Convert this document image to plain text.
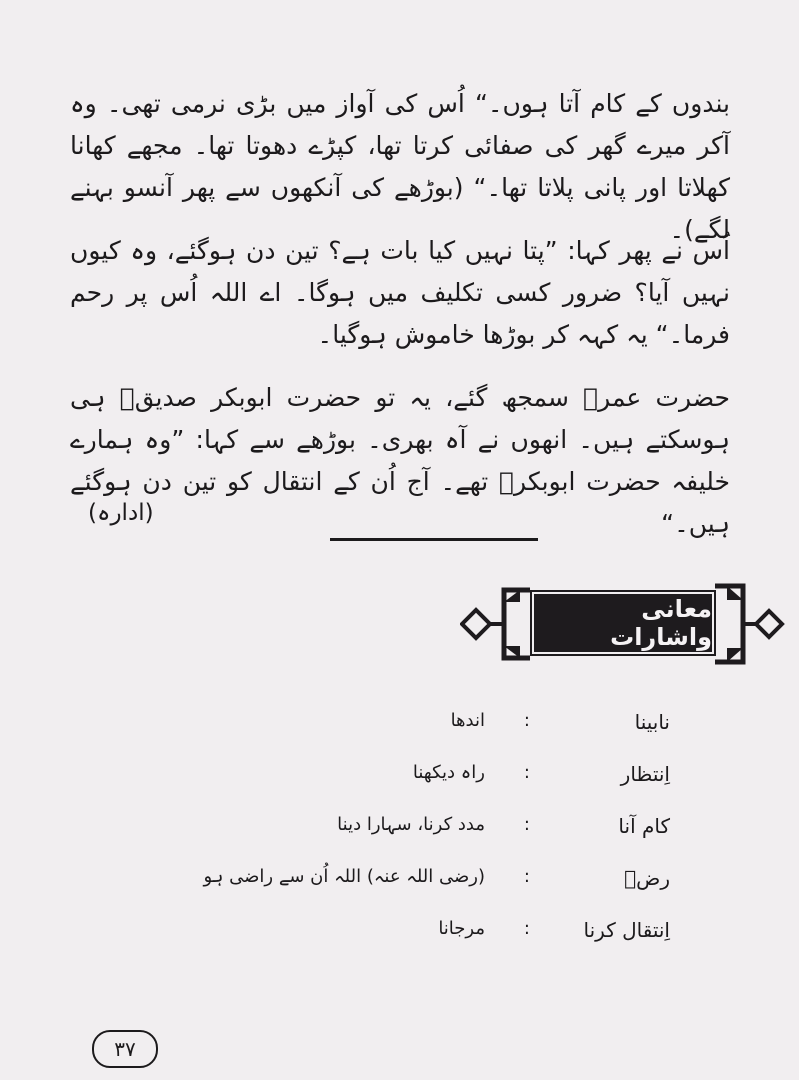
بندوں کے کام آتا ہوں۔“ اُس کی آواز میں بڑی نرمی تھی۔ وہ آکر میرے گھر کی صفائی کرتا تھا، کپڑے دھوتا تھا۔ مجھے کھانا کھلاتا اور پانی پلاتا تھا۔“ (بوڑھے کی آنکھوں سے پھر آنسو بہنے لگے)۔

اُس نے پھر کہا: ”پتا نہیں کیا بات ہے؟ تین دن ہوگئے، وہ کیوں نہیں آیا؟ ضرور کسی تکلیف میں ہوگا۔ اے اللہ اُس پر رحم فرما۔“ یہ کہہ کر بوڑھا خاموش ہوگیا۔

حضرت عمرؓ سمجھ گئے، یہ تو حضرت ابوبکر صدیقؓ ہی ہوسکتے ہیں۔ انھوں نے آہ بھری۔ بوڑھے سے کہا: ”وہ ہمارے خلیفہ حضرت ابوبکرؓ تھے۔ آج اُن کے انتقال کو تین دن ہوگئے ہیں۔“

(ادارہ)
معانی واشارات
نابینا
:
اندھا
اِنتظار
:
راہ دیکھنا
کام آنا
:
مدد کرنا، سہارا دینا
رضؓ
:
(رضی اللہ عنہ) اللہ اُن سے راضی ہو
اِنتقال کرنا
:
مرجانا
۳۷
